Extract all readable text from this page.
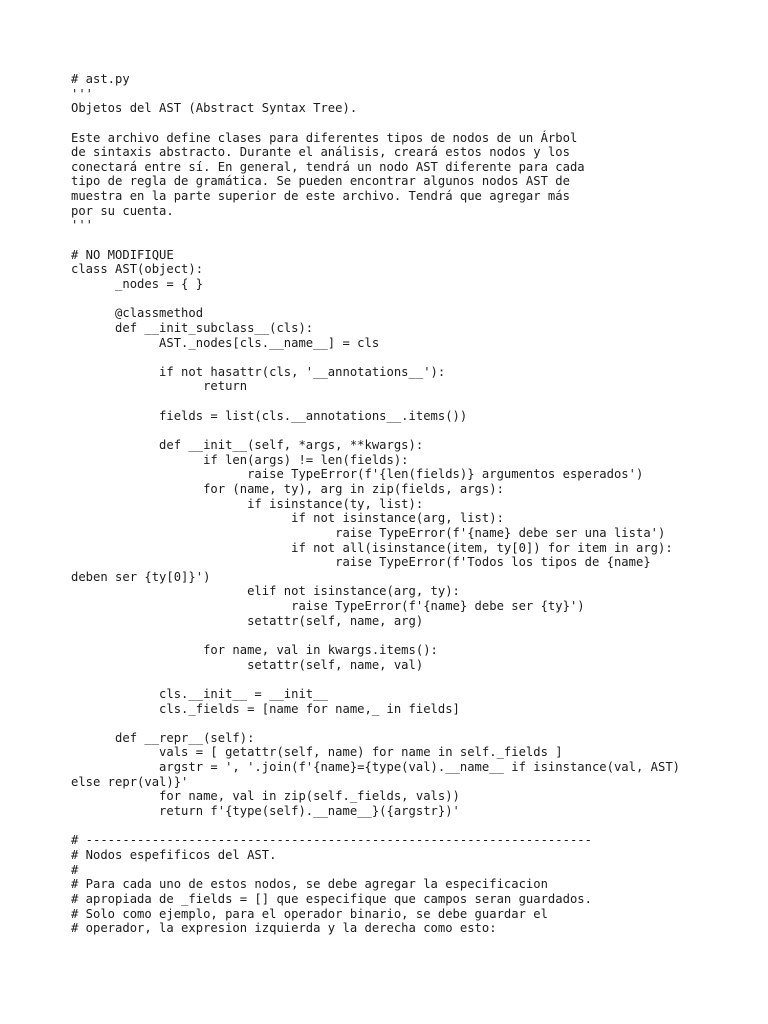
# ast.py
'''
Objetos del AST (Abstract Syntax Tree).
Este archivo define clases para diferentes tipos de nodos de un Árbol
de sintaxis abstracto. Durante el análisis, creará estos nodos y los
conectará entre sí. En general, tendrá un nodo AST diferente para cada
tipo de regla de gramática. Se pueden encontrar algunos nodos AST de
muestra en la parte superior de este archivo. Tendrá que agregar más
por su cuenta.
'''
# NO MODIFIQUE
class AST(object):
_nodes = { }
@classmethod
def __init_subclass__(cls):
AST._nodes[cls.__name__] = cls
if not hasattr(cls, '__annotations__'):
return
fields = list(cls.__annotations__.items())
def __init__(self, *args, **kwargs):
if len(args) != len(fields):
raise TypeError(f'{len(fields)} argumentos esperados')
for (name, ty), arg in zip(fields, args):
if isinstance(ty, list):
if not isinstance(arg, list):
raise TypeError(f'{name} debe ser una lista')
if not all(isinstance(item, ty[0]) for item in arg):
raise TypeError(f'Todos los tipos de {name}
deben ser {ty[0]}')
elif not isinstance(arg, ty):
raise TypeError(f'{name} debe ser {ty}')
setattr(self, name, arg)
for name, val in kwargs.items():
setattr(self, name, val)
cls.__init__ = __init__
cls._fields = [name for name,_ in fields]
def __repr__(self):
vals = [ getattr(self, name) for name in self._fields ]
argstr = ', '.join(f'{name}={type(val).__name__ if isinstance(val, AST)
else repr(val)}'
for name, val in zip(self._fields, vals))
return f'{type(self).__name__}({argstr})'
# ---------------------------------------------------------------------
# Nodos espefificos del AST.
#
# Para cada uno de estos nodos, se debe agregar la especificacion
# apropiada de _fields = [] que especifique que campos seran guardados.
# Solo como ejemplo, para el operador binario, se debe guardar el
# operador, la expresion izquierda y la derecha como esto:
